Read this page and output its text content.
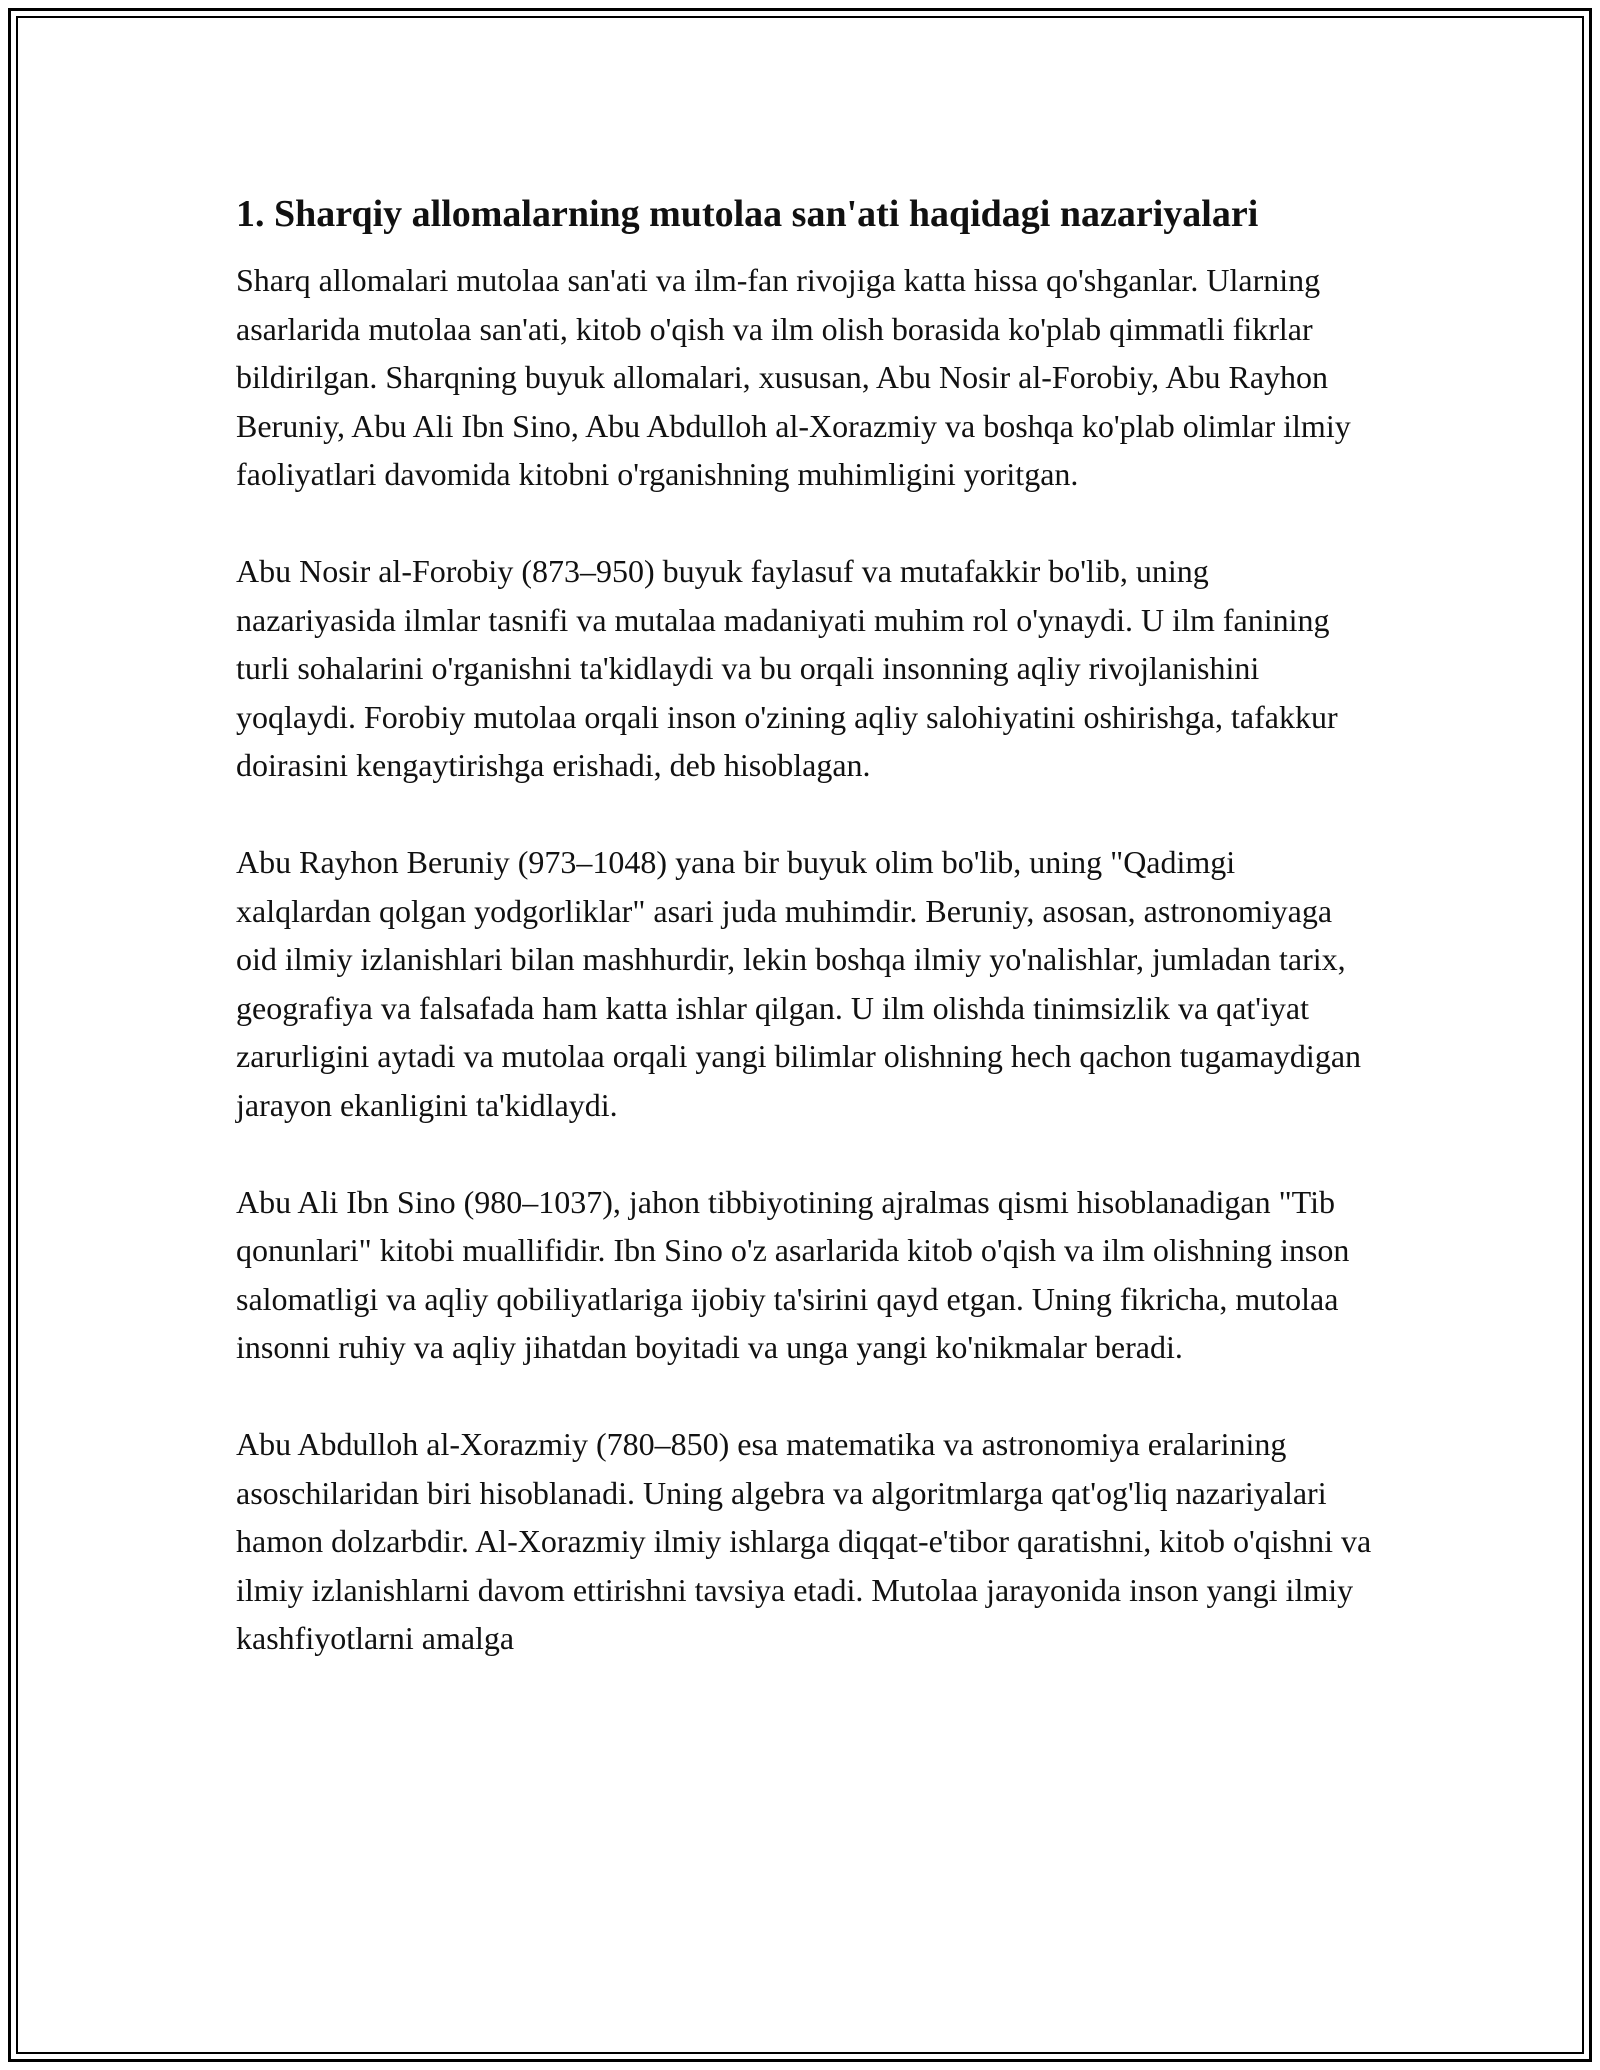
1. Sharqiy allomalarning mutolaa san'ati haqidagi nazariyalari

Sharq allomalari mutolaa san'ati va ilm-fan rivojiga katta hissa qo'shganlar. Ularning asarlarida mutolaa san'ati, kitob o'qish va ilm olish borasida ko'plab qimmatli fikrlar bildirilgan. Sharqning buyuk allomalari, xususan, Abu Nosir al-Forobiy, Abu Rayhon Beruniy, Abu Ali Ibn Sino, Abu Abdulloh al-Xorazmiy va boshqa ko'plab olimlar ilmiy faoliyatlari davomida kitobni o'rganishning muhimligini yoritgan.

Abu Nosir al-Forobiy (873–950) buyuk faylasuf va mutafakkir bo'lib, uning nazariyasida ilmlar tasnifi va mutalaa madaniyati muhim rol o'ynaydi. U ilm fanining turli sohalarini o'rganishni ta'kidlaydi va bu orqali insonning aqliy rivojlanishini yoqlaydi. Forobiy mutolaa orqali inson o'zining aqliy salohiyatini oshirishga, tafakkur doirasini kengaytirishga erishadi, deb hisoblagan.

Abu Rayhon Beruniy (973–1048) yana bir buyuk olim bo'lib, uning "Qadimgi xalqlardan qolgan yodgorliklar" asari juda muhimdir. Beruniy, asosan, astronomiyaga oid ilmiy izlanishlari bilan mashhurdir, lekin boshqa ilmiy yo'nalishlar, jumladan tarix, geografiya va falsafada ham katta ishlar qilgan. U ilm olishda tinimsizlik va qat'iyat zarurligini aytadi va mutolaa orqali yangi bilimlar olishning hech qachon tugamaydigan jarayon ekanligini ta'kidlaydi.

Abu Ali Ibn Sino (980–1037), jahon tibbiyotining ajralmas qismi hisoblanadigan "Tib qonunlari" kitobi muallifidir. Ibn Sino o'z asarlarida kitob o'qish va ilm olishning inson salomatligi va aqliy qobiliyatlariga ijobiy ta'sirini qayd etgan. Uning fikricha, mutolaa insonni ruhiy va aqliy jihatdan boyitadi va unga yangi ko'nikmalar beradi.

Abu Abdulloh al-Xorazmiy (780–850) esa matematika va astronomiya eralarining asoschilaridan biri hisoblanadi. Uning algebra va algoritmlarga qat'og'liq nazariyalari hamon dolzarbdir. Al-Xorazmiy ilmiy ishlarga diqqat-e'tibor qaratishni, kitob o'qishni va ilmiy izlanishlarni davom ettirishni tavsiya etadi. Mutolaa jarayonida inson yangi ilmiy kashfiyotlarni amalga
